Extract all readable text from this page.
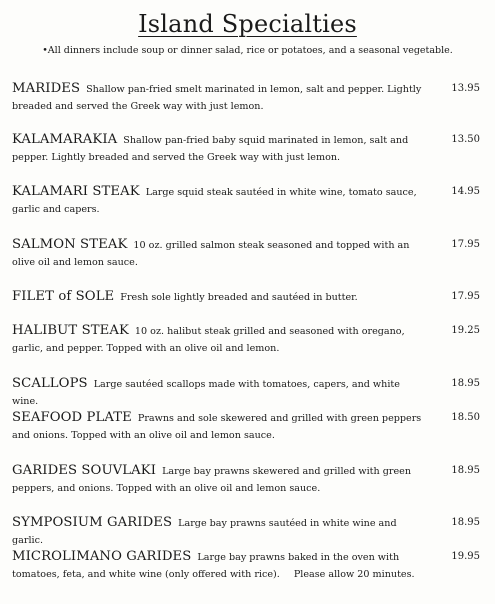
Island Specialties
•All dinners include soup or dinner salad, rice or potatoes, and a seasonal vegetable.
MARIDES Shallow pan-fried smelt marinated in lemon, salt and pepper. Lightly breaded and served the Greek way with just lemon.
13.95
KALAMARAKIA Shallow pan-fried baby squid marinated in lemon, salt and pepper. Lightly breaded and served the Greek way with just lemon.
13.50
KALAMARI STEAK Large squid steak sautéed in white wine, tomato sauce, garlic and capers.
14.95
SALMON STEAK 10 oz. grilled salmon steak seasoned and topped with an olive oil and lemon sauce.
17.95
FILET of SOLE Fresh sole lightly breaded and sautéed in butter.	17.95
HALIBUT STEAK 10 oz. halibut steak grilled and seasoned with oregano, garlic, and pepper. Topped with an olive oil and lemon.
19.25
SCALLOPS Large sautéed scallops made with tomatoes, capers, and white wine.
18.95
SEAFOOD PLATE Prawns and sole skewered and grilled with green peppers and onions. Topped with an olive oil and lemon sauce.
18.50
GARIDES SOUVLAKI Large bay prawns skewered and grilled with green peppers, and onions. Topped with an olive oil and lemon sauce.
18.95
SYMPOSIUM GARIDES Large bay prawns sautéed in white wine and garlic.
18.95
MICROLIMANO GARIDES Large bay prawns baked in the oven with tomatoes, feta, and white wine (only offered with rice). Please allow 20 minutes.
19.95
